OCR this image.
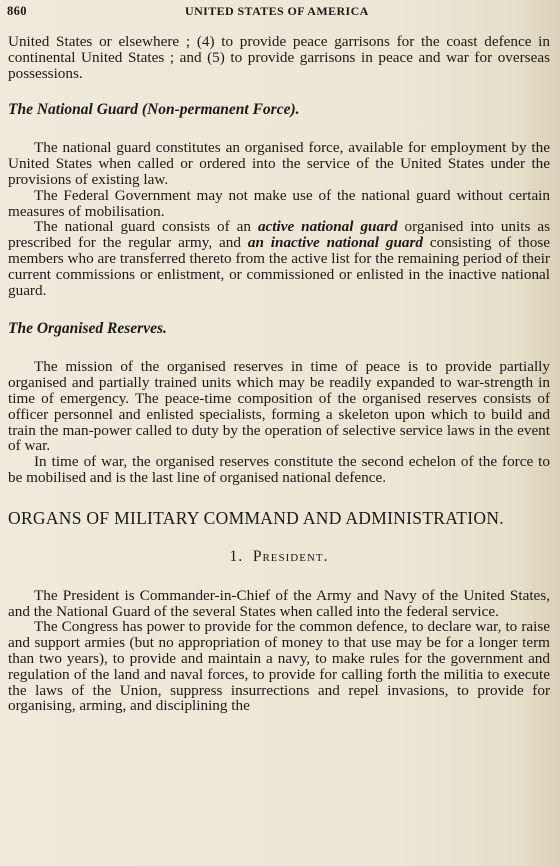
860	UNITED STATES OF AMERICA

United States or elsewhere ; (4) to provide peace garrisons for the coast defence in continental United States ; and (5) to provide garrisons in peace and war for overseas possessions.

The National Guard (Non-permanent Force).

The national guard constitutes an organised force, available for employment by the United States when called or ordered into the service of the United States under the provisions of existing law.

The Federal Government may not make use of the national guard without certain measures of mobilisation.

The national guard consists of an active national guard organised into units as prescribed for the regular army, and an inactive national guard consisting of those members who are transferred thereto from the active list for the remaining period of their current commissions or enlistment, or commissioned or enlisted in the inactive national guard.

The Organised Reserves.

The mission of the organised reserves in time of peace is to provide partially organised and partially trained units which may be readily expanded to war-strength in time of emergency. The peace-time composition of the organised reserves consists of officer personnel and enlisted specialists, forming a skeleton upon which to build and train the man-power called to duty by the operation of selective service laws in the event of war.

In time of war, the organised reserves constitute the second echelon of the force to be mobilised and is the last line of organised national defence.

ORGANS OF MILITARY COMMAND AND ADMINISTRATION.
1. President.

The President is Commander-in-Chief of the Army and Navy of the United States, and the National Guard of the several States when called into the federal service.

The Congress has power to provide for the common defence, to declare war, to raise and support armies (but no appropriation of money to that use may be for a longer term than two years), to provide and maintain a navy, to make rules for the government and regulation of the land and naval forces, to provide for calling forth the militia to execute the laws of the Union, suppress insurrections and repel invasions, to provide for organising, arming, and disciplining the
